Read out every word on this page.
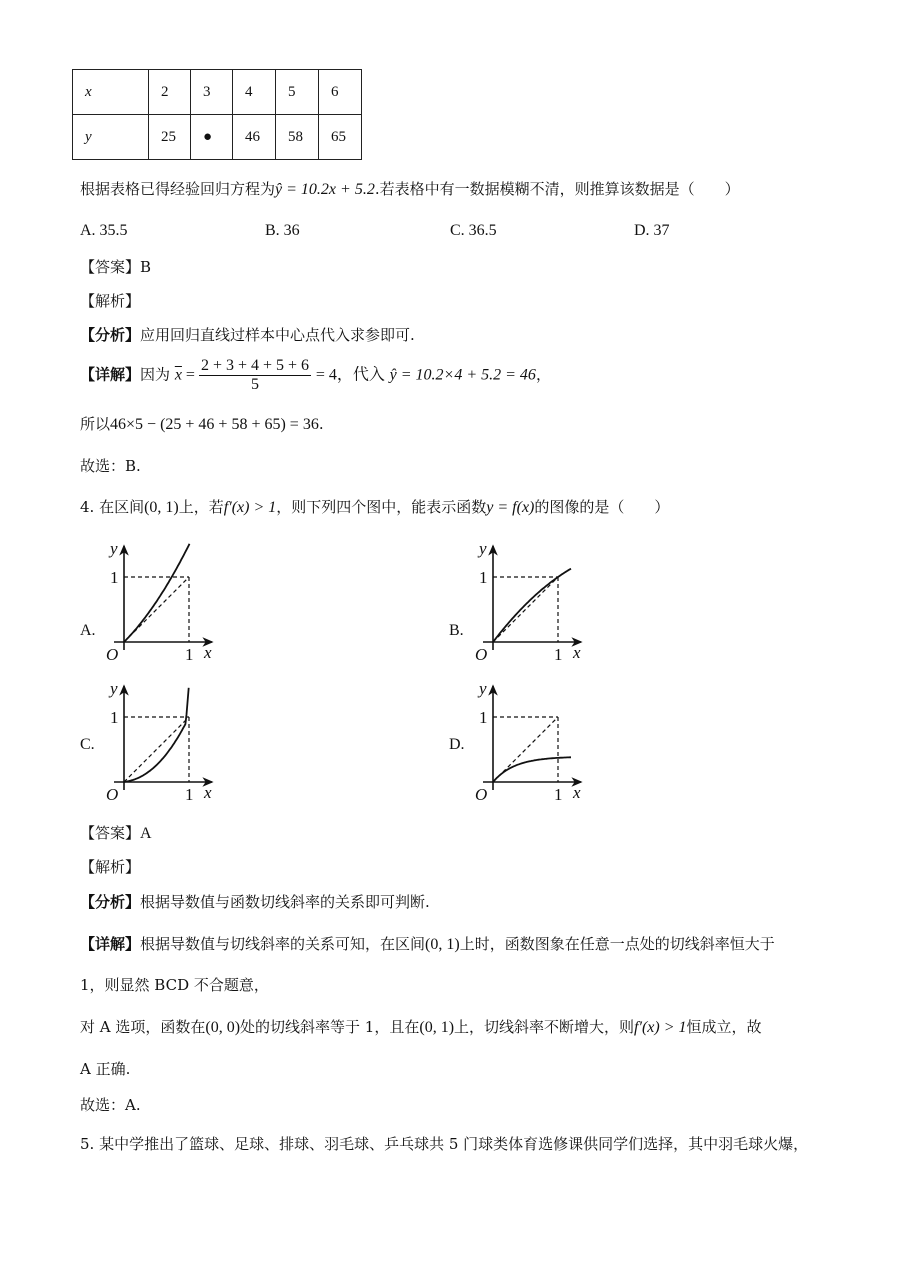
x	2	3	4	5	6
y	25	●	46	58	65
根据表格已得经验回归方程为ŷ = 10.2x + 5.2.若表格中有一数据模糊不清，则推算该数据是（　　）
A. 35.5	B. 36	C. 36.5	D. 37
【答案】B
【解析】
【分析】应用回归直线过样本中心点代入求参即可.
【详解】因为 $\overline{x} = \frac{2 + 3 + 4 + 5 + 6}{5} = 4$，代入 ŷ = 10.2×4 + 5.2 = 46，
所以46×5 − (25 + 46 + 58 + 65) = 36.
故选：B.
4. 在区间(0, 1)上，若f′(x) > 1，则下列四个图中，能表示函数y = f(x)的图像的是（　　）
y
x
O	1
1
y
x
O	1
1
y
x
O	1
1
y
x
O	1
1
A.	B.
C.	D.
【答案】A
【解析】
【分析】根据导数值与函数切线斜率的关系即可判断.
【详解】根据导数值与切线斜率的关系可知，在区间(0, 1)上时，函数图象在任意一点处的切线斜率恒大于
1，则显然 BCD 不合题意，
对 A 选项，函数在(0, 0)处的切线斜率等于 1，且在(0, 1)上，切线斜率不断增大，则f′(x) > 1恒成立，故
A 正确.
故选：A.
5. 某中学推出了篮球、足球、排球、羽毛球、乒乓球共 5 门球类体育选修课供同学们选择，其中羽毛球火爆，
